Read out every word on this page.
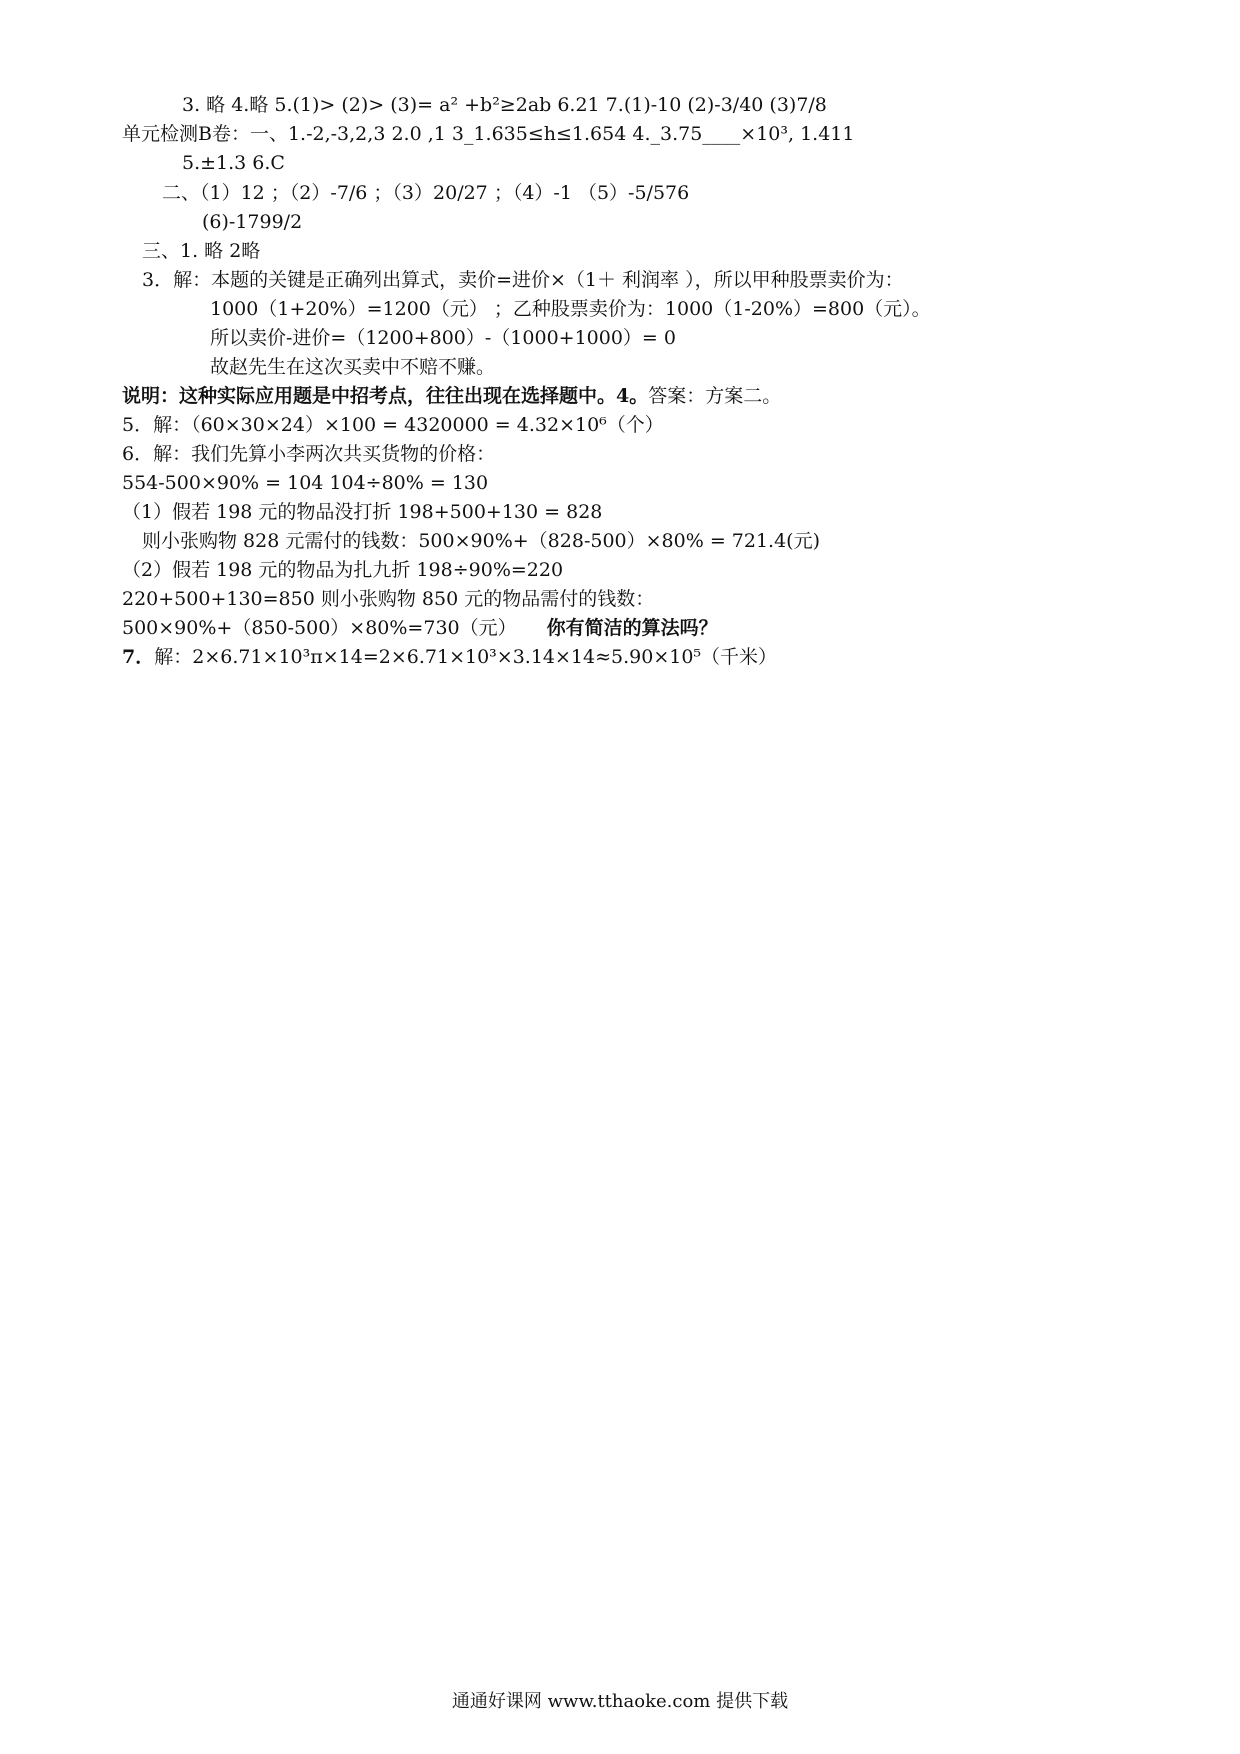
3. 略 4.略 5.(1)> (2)> (3)= a² +b²≥2ab 6.21 7.(1)-10 (2)-3/40 (3)7/8
单元检测B卷：一、1.-2,-3,2,3 2.0 ,1 3_1.635≤h≤1.654 4._3.75____×10³, 1.411
5.±1.3 6.C
二、（1）12 ；（2）-7/6 ；（3）20/27 ；（4）-1 （5）-5/576
(6)-1799/2
三、1. 略 2略
3．解：本题的关键是正确列出算式，卖价=进价×（1＋ 利润率 ），所以甲种股票卖价为：
1000（1+20%）=1200（元） ；乙种股票卖价为：1000（1-20%）=800（元）。
所以卖价-进价=（1200+800）-（1000+1000）= 0
故赵先生在这次买卖中不赔不赚。
说明：这种实际应用题是中招考点，往往出现在选择题中。4。答案：方案二。
5．解：（60×30×24）×100 = 4320000 = 4.32×10⁶（个）
6．解：我们先算小李两次共买货物的价格：
554-500×90% = 104 104÷80% = 130
（1）假若 198 元的物品没打折 198+500+130 = 828
则小张购物 828 元需付的钱数：500×90%+（828-500）×80% = 721.4(元)
（2）假若 198 元的物品为扎九折 198÷90%=220
220+500+130=850 则小张购物 850 元的物品需付的钱数：
500×90%+（850-500）×80%=730（元） 你有简洁的算法吗？
7．解：2×6.71×10³π×14=2×6.71×10³×3.14×14≈5.90×10⁵（千米）
通通好课网 www.tthaoke.com 提供下载
